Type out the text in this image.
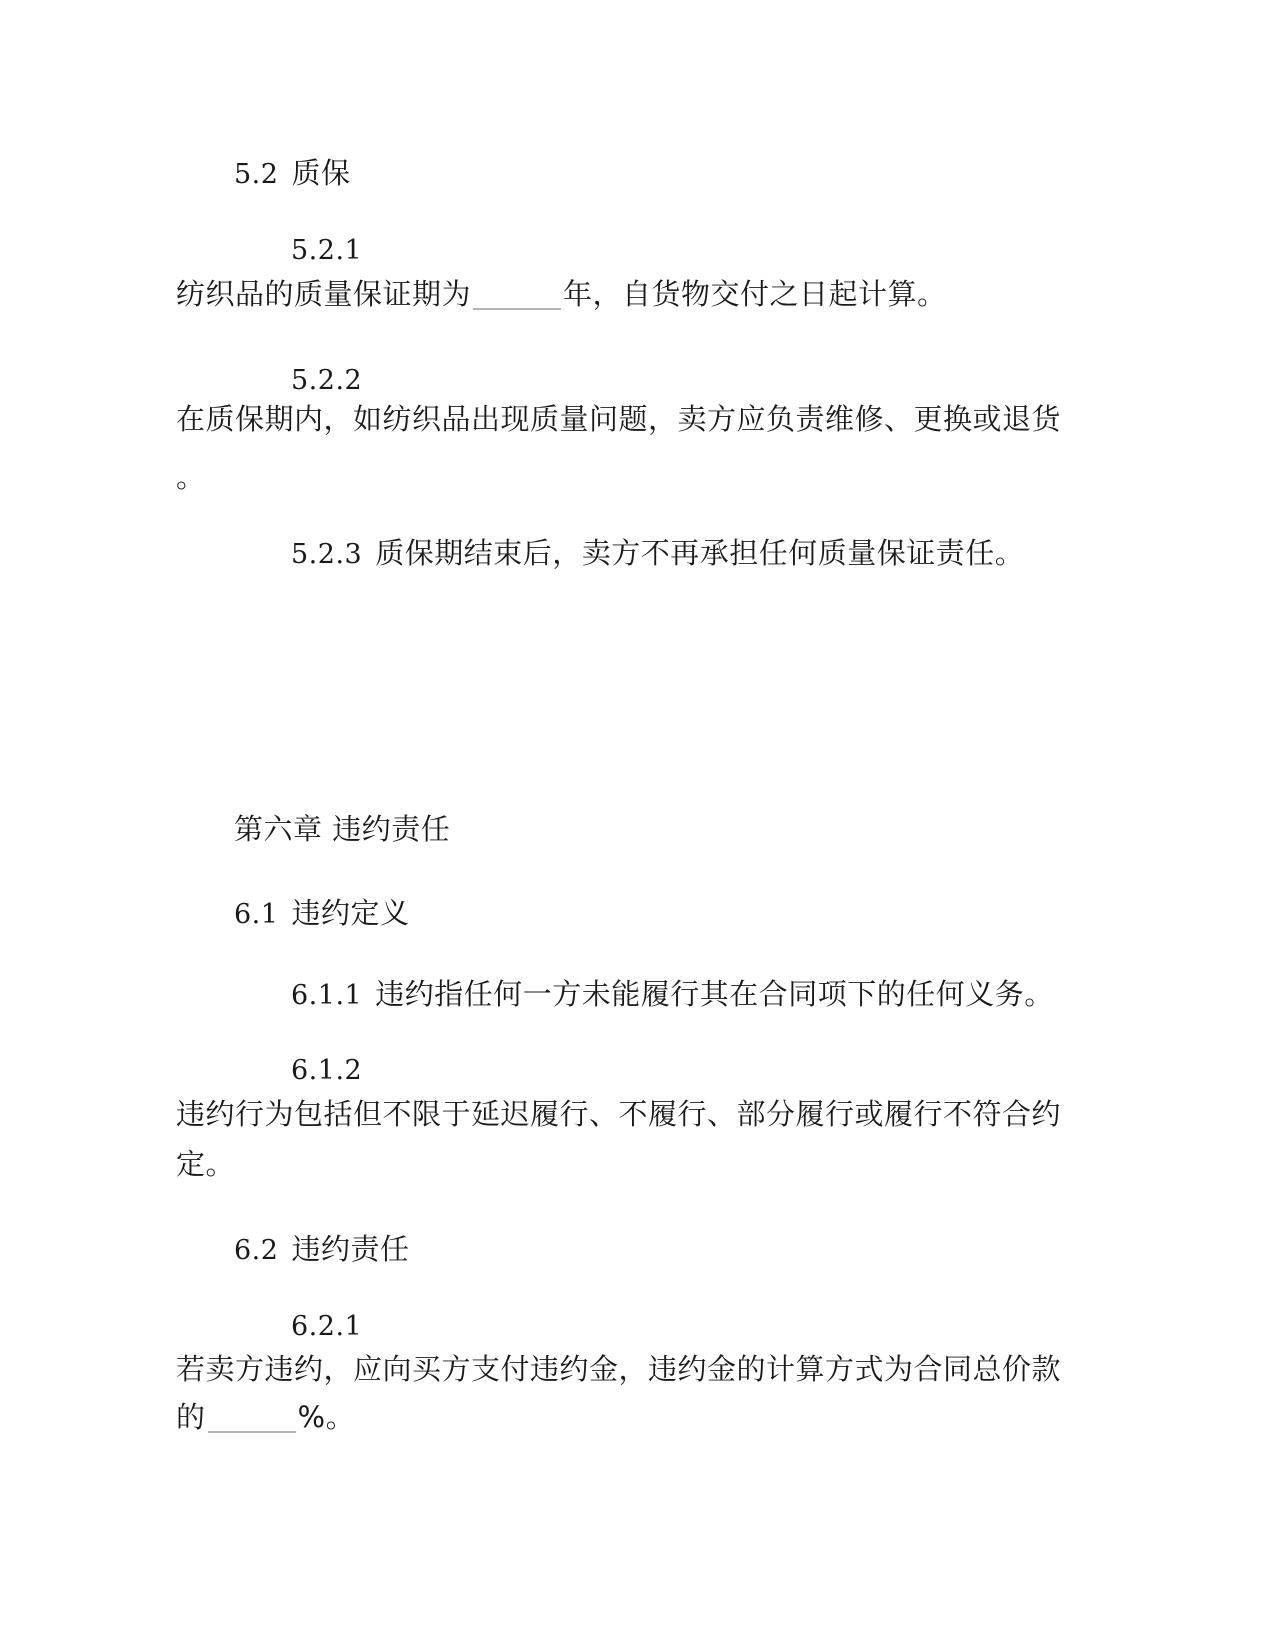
5.2 质保
5.2.1
纺织品的质量保证期为	年，自货物交付之日起计算。
5.2.2
在质保期内，如纺织品出现质量问题，卖方应负责维修、更换或退货
。
5.2.3 质保期结束后，卖方不再承担任何质量保证责任。
第六章 违约责任
6.1 违约定义
6.1.1 违约指任何一方未能履行其在合同项下的任何义务。
6.1.2
违约行为包括但不限于延迟履行、不履行、部分履行或履行不符合约
定。
6.2 违约责任
6.2.1
若卖方违约，应向买方支付违约金，违约金的计算方式为合同总价款
的	%。
